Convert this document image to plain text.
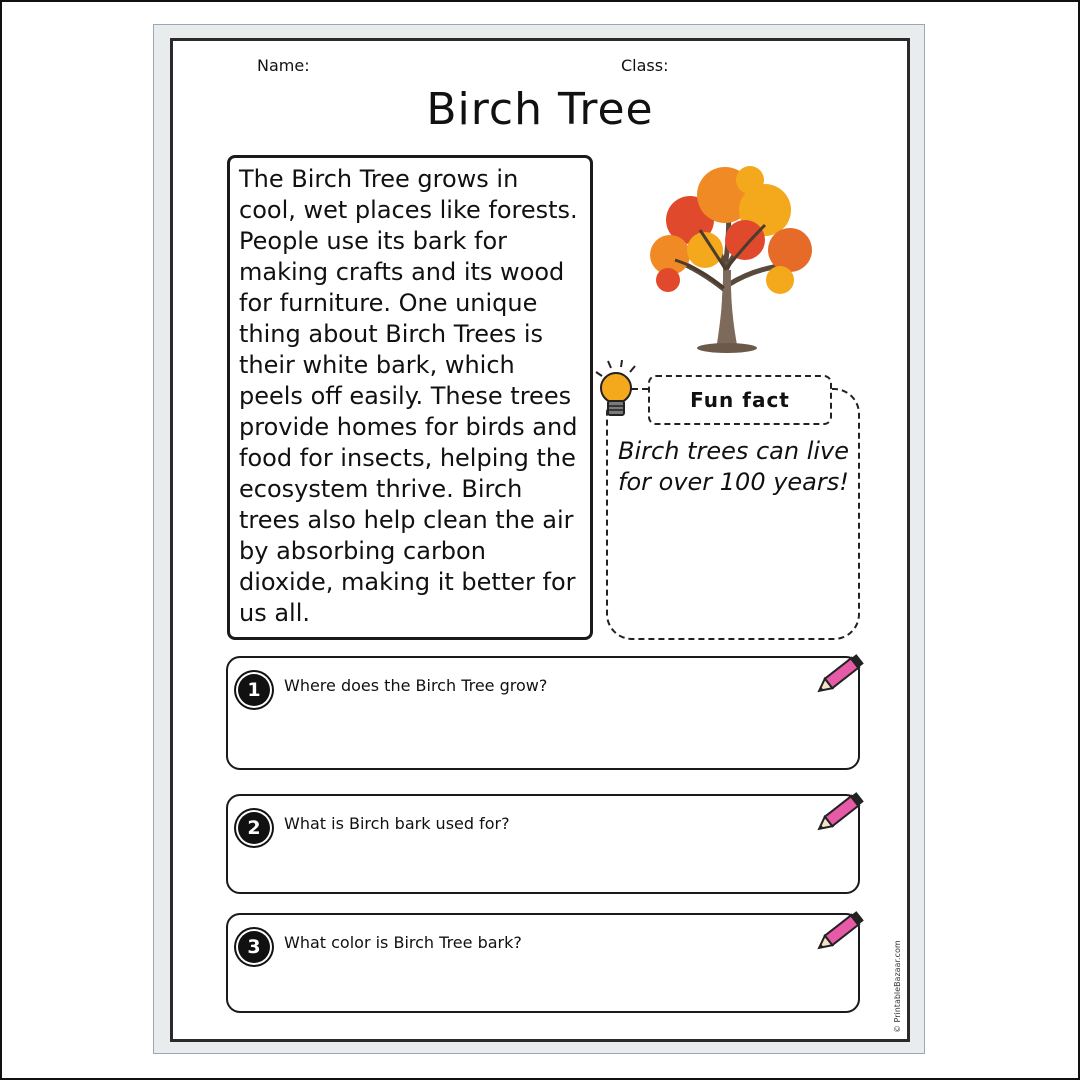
Name:	Class:
Birch Tree
The Birch Tree grows in cool, wet places like forests. People use its bark for making crafts and its wood for furniture. One unique thing about Birch Trees is their white bark, which peels off easily. These trees provide homes for birds and food for insects, helping the ecosystem thrive. Birch trees also help clean the air by absorbing carbon dioxide, making it better for us all.
Fun fact
Birch trees can live for over 100 years!
1	Where does the Birch Tree grow?
2	What is Birch bark used for?
3	What color is Birch Tree bark?	© PrintableBazaar.com
